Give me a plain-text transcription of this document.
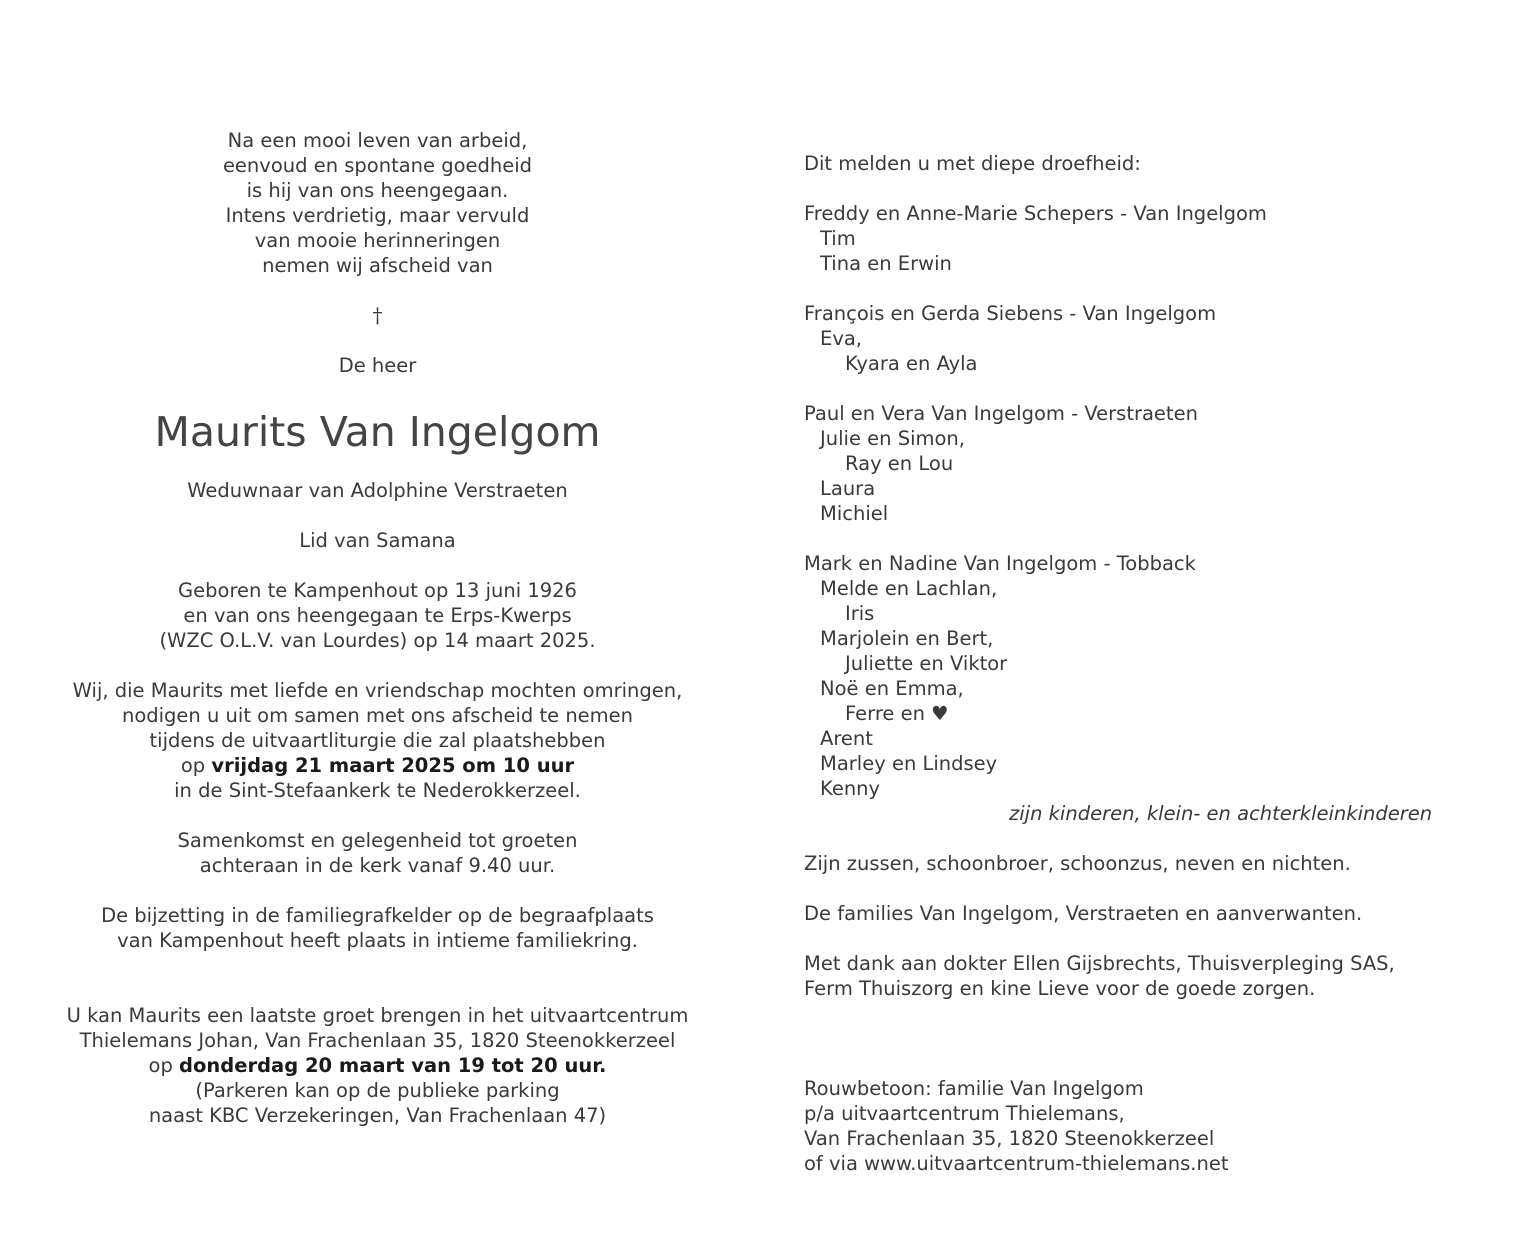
Na een mooi leven van arbeid,
eenvoud en spontane goedheid
is hij van ons heengegaan.
Intens verdrietig, maar vervuld
van mooie herinneringen
nemen wij afscheid van
†
De heer
Maurits Van Ingelgom
Weduwnaar van Adolphine Verstraeten
Lid van Samana
Geboren te Kampenhout op 13 juni 1926
en van ons heengegaan te Erps-Kwerps
(WZC O.L.V. van Lourdes) op 14 maart 2025.
Wij, die Maurits met liefde en vriendschap mochten omringen,
nodigen u uit om samen met ons afscheid te nemen
tijdens de uitvaartliturgie die zal plaatshebben
op vrijdag 21 maart 2025 om 10 uur
in de Sint-Stefaankerk te Nederokkerzeel.
Samenkomst en gelegenheid tot groeten
achteraan in de kerk vanaf 9.40 uur.
De bijzetting in de familiegrafkelder op de begraafplaats
van Kampenhout heeft plaats in intieme familiekring.
U kan Maurits een laatste groet brengen in het uitvaartcentrum
Thielemans Johan, Van Frachenlaan 35, 1820 Steenokkerzeel
op donderdag 20 maart van 19 tot 20 uur.
(Parkeren kan op de publieke parking
naast KBC Verzekeringen, Van Frachenlaan 47)
Dit melden u met diepe droefheid:
Freddy en Anne-Marie Schepers - Van Ingelgom
Tim
Tina en Erwin
François en Gerda Siebens - Van Ingelgom
Eva,
Kyara en Ayla
Paul en Vera Van Ingelgom - Verstraeten
Julie en Simon,
Ray en Lou
Laura
Michiel
Mark en Nadine Van Ingelgom - Tobback
Melde en Lachlan,
Iris
Marjolein en Bert,
Juliette en Viktor
Noë en Emma,
Ferre en ♥
Arent
Marley en Lindsey
Kenny
zijn kinderen, klein- en achterkleinkinderen
Zijn zussen, schoonbroer, schoonzus, neven en nichten.
De families Van Ingelgom, Verstraeten en aanverwanten.
Met dank aan dokter Ellen Gijsbrechts, Thuisverpleging SAS,
Ferm Thuiszorg en kine Lieve voor de goede zorgen.
Rouwbetoon: familie Van Ingelgom
p/a uitvaartcentrum Thielemans,
Van Frachenlaan 35, 1820 Steenokkerzeel
of via www.uitvaartcentrum-thielemans.net
